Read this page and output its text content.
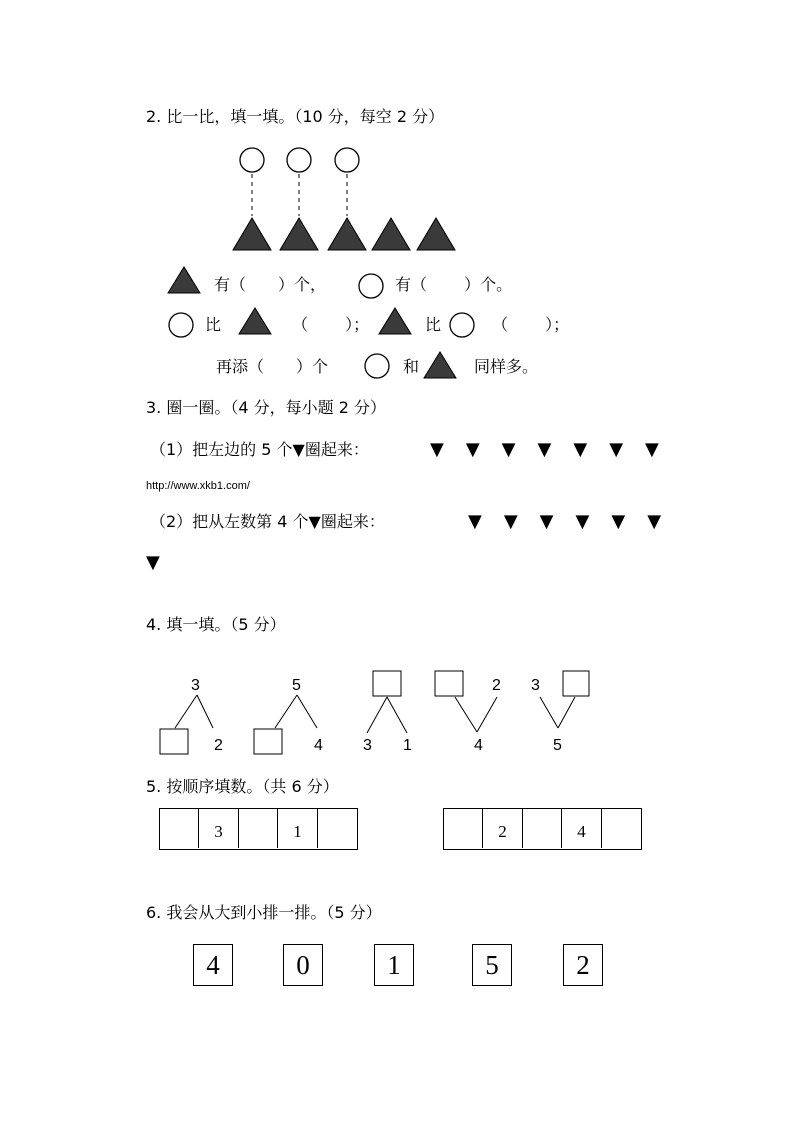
2. 比一比，填一填。（10 分，每空 2 分）
有（　　）个，	有（　　 ）个。
比	（　　 ）；	比	（　　 ）；
再添（　　）个	和	同样多。
3. 圈一圈。（4 分，每小题 2 分）
（1）把左边的 5 个▼圈起来：	▼　▼　▼　▼　▼　▼　▼
http://www.xkb1.com/
（2）把从左数第 4 个▼圈起来：	▼　▼　▼　▼　▼　▼
▼
4. 填一填。（5 分）
3
2
5
4	3 1
2
4
3
5
5. 按顺序填数。（共 6 分）
3	1	2	4
6. 我会从大到小排一排。（5 分）
4	0	1	5	2
